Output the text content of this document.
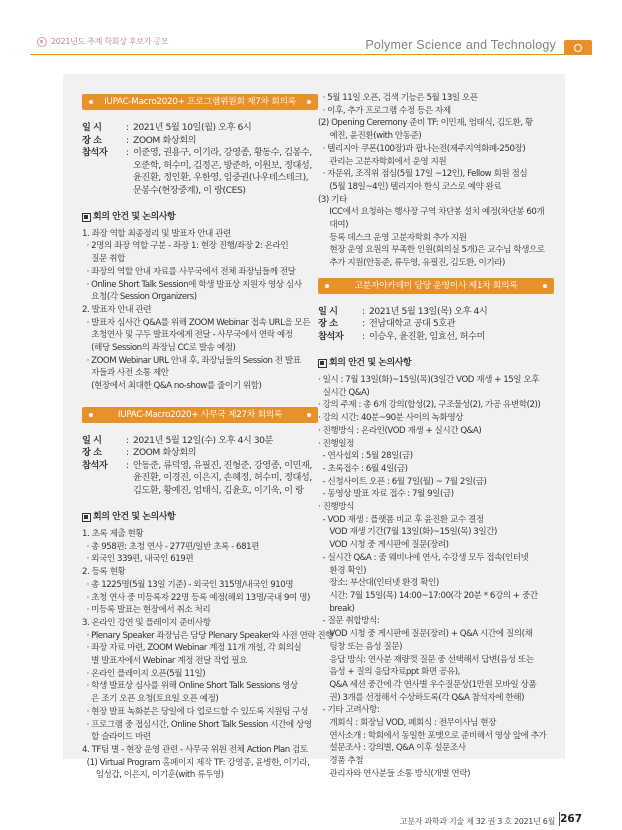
2021년도 추계 학회상 후보자 공모	Polymer Science and Technology
IUPAC-Macro2020+ 프로그램위원회 제7차 회의록
일 시	: 2021년 5월 10일(월) 오후 6시
장 소	: ZOOM 화상회의
참석자	: 이준영, 권용구, 이기라, 강영종, 황동수, 김봉수,
오준학, 허수미, 김정곤, 방준하, 이원보, 정대성,
윤진환, 정인환, 우한영, 임중권(나우테스테크),
문봉수(현장중계), 이 랑(CES)
회의 안건 및 논의사항
1. 좌장 역할 최종정리 및 발표자 안내 관련
· 2명의 좌장 역할 구분 - 좌장 1: 현장 진행/좌장 2: 온라인
질문 취합
· 좌장의 역할 안내 자료를 사무국에서 전체 좌장님들께 전달
· Online Short Talk Session에 학생 발표상 지원자 영상 심사
요청(각 Session Organizers)
2. 발표자 안내 관련
· 발표자 심사간 Q&A를 위해 ZOOM Webinar 접속 URL을 모든
초청연사 및 구두 발표자에게 전달 - 사무국에서 연락 예정
(해당 Session의 좌장님 CC로 발송 예정)
· ZOOM Webinar URL 안내 후, 좌장님들의 Session 전 발표
자들과 사전 소통 제안
(현장에서 최대한 Q&A no-show를 줄이기 위함)
IUPAC-Macro2020+ 사무국 제27차 회의록
일 시	: 2021년 5월 12일(수) 오후 4시 30분
장 소	: ZOOM 화상회의
참석자	: 안동준, 류덕영, 유필진, 진형준, 강영종, 이민재,
윤진환, 이경진, 이은지, 손혜정, 허수미, 정대성,
김도환, 황예진, 엄태식, 김윤호, 이기욱, 이 랑
회의 안건 및 논의사항
1. 초록 제출 현황
· 총 958편: 초청 연사 - 277편/일반 초록 - 681편
· 외국인 339편, 내국인 619편
2. 등록 현황
· 총 1225명(5월 13일 기준) - 외국인 315명/내국인 910명
· 초청 연사 중 미등록자 22명 등록 예정(해외 13명/국내 9여 명)
· 미등록 발표는 현장에서 취소 처리
3. 온라인 강연 및 플레이지 준비사항
· Plenary Speaker 좌장님은 담당 Plenary Speaker와 사전 연락 진행
· 좌장 자료 마련, ZOOM Webinar 계정 11개 개설, 각 회의실
별 발표자에서 Webinar 계정 전달 작업 필요
· 온라인 플레이지 오픈(5월 11일)
· 학생 발표상 심사를 위해 Online Short Talk Sessions 영상
은 조기 오픈 요청(토요일 오픈 예정)
· 현장 발표 녹화분은 당일에 다 업로드할 수 있도록 지원팀 구성
· 프로그램 중 접심시간, Online Short Talk Session 시간에 상영
할 슬라이드 마련
4. TF팀 별 - 현장 운영 관련 - 사무국 위원 전체 Action Plan 검토
(1) Virtual Program 홈페이지 제작 TF: 강영종, 윤병한, 이기라,
임성갑, 이은지, 이기훈(with 류두영)
· 5월 11일 오픈, 검색 기능은 5월 13일 오픈
· 이후, 추가 프로그램 수정 등은 자제
(2) Opening Ceremony 준비 TF: 이민재, 엄태식, 김도환, 황
예진, 윤진환(with 안동준)
· 텔리지아 쿠폰(100장)과 팝나는전(제주지역화폐-250장)
관리는 고분자학회에서 운영 지원
· 자문위, 조직위 점심(5월 17일 ~12인), Fellow 회원 점심
(5월 18일~4인) 텔리지아 한식 코스로 예약 완료
(3) 기타
ICC에서 요청하는 행사장 구역 차단봉 설치 예정(차단봉 60개
대여)
등록 데스크 운영 고분자학회 추가 지원
현장 운영 요원의 부족한 인원(회의실 5개)은 교수님 학생으로
추가 지원(안동준, 류두영, 유필진, 김도환, 이기라)
고분자아카데미 담당 운영이사 제1차 회의록
일 시	: 2021년 5월 13일(목) 오후 4시
장 소	: 전남대학교 공대 5호관
참석자	: 이승우, 윤진환, 임효선, 허수미
회의 안건 및 논의사항
· 일시 : 7월 13일(화)~15일(목)(3일간 VOD 재생 + 15일 오후
실시간 Q&A)
· 강의 주제 : 총 6개 강의(합성(2), 구조물성(2), 가공 유변학(2))
· 강의 시간: 40분~90분 사이의 녹화영상
· 진행방식 : 온라인(VOD 재생 + 실시간 Q&A)
· 진행일정
- 연사섭외 : 5월 28일(금)
- 초록접수 : 6월 4일(금)
- 신청사이트 오픈 : 6월 7일(월) ~ 7월 2일(금)
- 동영상 발표 자료 접수 : 7월 9일(금)
· 진행방식
- VOD 재생 : 플랫폼 비교 후 윤진환 교수 결정
VOD 재생 기간(7월 13일(화)~15일(목) 3일간)
VOD 시청 중 게시판에 질문(장려)
- 실시간 Q&A : 줌 웨비나에 연사, 수강생 모두 접속(인터넷
환경 확인)
장소: 부산대(인터넷 환경 확인)
시간: 7월 15일(목) 14:00~17:00(각 20분 * 6강의 + 중간
break)
- 질문 취합방식:
VOD 시청 중 게시판에 질문(장려) + Q&A 시간에 질의(채
팅창 또는 음성 질문)
응답 방식: 연사분 재량껏 질문 중 선택해서 답변(음성 또는
음성 + 질의 응답자료ppt 화면 공유),
Q&A 세션 중간에 각 연사별 우수질문상(1만원 모바일 상품
권) 3개를 선정해서 수상하도록(각 Q&A 참석자에 한해)
- 기타 고려사항:
개회식 : 회장님 VOD, 폐회식 : 전무이사님 현장
연사소개 : 학회에서 동일한 포맷으로 준비해서 영상 앞에 추가
설문조사 : 강의별, Q&A 이후 설문조사
경품 추첨
관리자와 연사분들 소통 방식(개별 연락)
고분자 과학과 기술 제 32 권 3 호 2021년 6월 267
